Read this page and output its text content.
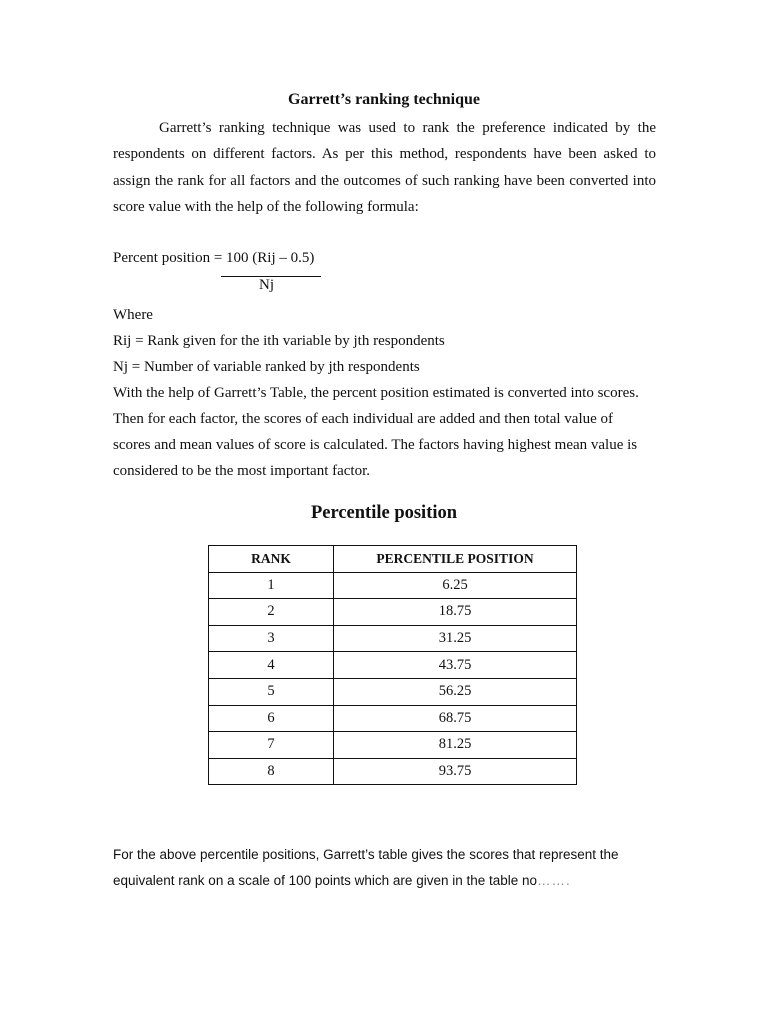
Garrett’s ranking technique

Garrett’s ranking technique was used to rank the preference indicated by the

respondents on different factors. As per this method, respondents have been asked to

assign the rank for all factors and the outcomes of such ranking have been converted into

score value with the help of the following formula:

Percent position = 100 (Rij – 0.5)
Nj
Where
Rij = Rank given for the ith variable by jth respondents
Nj = Number of variable ranked by jth respondents
With the help of Garrett’s Table, the percent position estimated is converted into scores.
Then for each factor, the scores of each individual are added and then total value of
scores and mean values of score is calculated. The factors having highest mean value is
considered to be the most important factor.
Percentile position
RANK	PERCENTILE POSITION
1	6.25
2	18.75
3	31.25
4	43.75
5	56.25
6	68.75
7	81.25
8	93.75
For the above percentile positions, Garrett’s table gives the scores that represent the
equivalent rank on a scale of 100 points which are given in the table no…….
